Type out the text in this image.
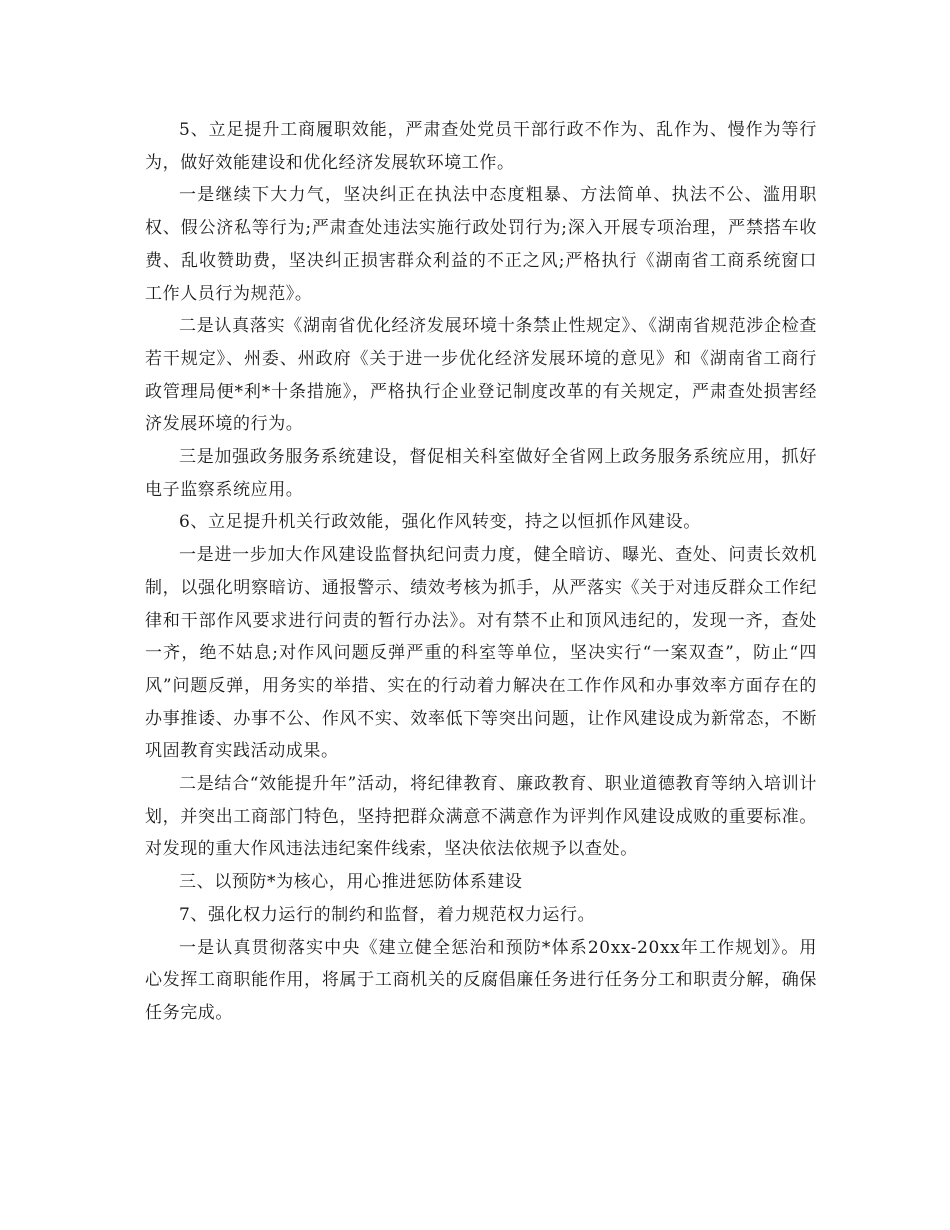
5、立足提升工商履职效能，严肃查处党员干部行政不作为、乱作为、慢作为等行为，做好效能建设和优化经济发展软环境工作。

一是继续下大力气，坚决纠正在执法中态度粗暴、方法简单、执法不公、滥用职权、假公济私等行为;严肃查处违法实施行政处罚行为;深入开展专项治理，严禁搭车收费、乱收赞助费，坚决纠正损害群众利益的不正之风;严格执行《湖南省工商系统窗口工作人员行为规范》。

二是认真落实《湖南省优化经济发展环境十条禁止性规定》、《湖南省规范涉企检查若干规定》、州委、州政府《关于进一步优化经济发展环境的意见》和《湖南省工商行政管理局便*利*十条措施》，严格执行企业登记制度改革的有关规定，严肃查处损害经济发展环境的行为。

三是加强政务服务系统建设，督促相关科室做好全省网上政务服务系统应用，抓好电子监察系统应用。

6、立足提升机关行政效能，强化作风转变，持之以恒抓作风建设。

一是进一步加大作风建设监督执纪问责力度，健全暗访、曝光、查处、问责长效机制，以强化明察暗访、通报警示、绩效考核为抓手，从严落实《关于对违反群众工作纪律和干部作风要求进行问责的暂行办法》。对有禁不止和顶风违纪的，发现一齐，查处一齐，绝不姑息;对作风问题反弹严重的科室等单位，坚决实行“一案双查”，防止“四风”问题反弹，用务实的举措、实在的行动着力解决在工作作风和办事效率方面存在的办事推诿、办事不公、作风不实、效率低下等突出问题，让作风建设成为新常态，不断巩固教育实践活动成果。

二是结合“效能提升年”活动，将纪律教育、廉政教育、职业道德教育等纳入培训计划，并突出工商部门特色，坚持把群众满意不满意作为评判作风建设成败的重要标准。对发现的重大作风违法违纪案件线索，坚决依法依规予以查处。

三、以预防*为核心，用心推进惩防体系建设

7、强化权力运行的制约和监督，着力规范权力运行。

一是认真贯彻落实中央《建立健全惩治和预防*体系20xx-20xx年工作规划》。用心发挥工商职能作用，将属于工商机关的反腐倡廉任务进行任务分工和职责分解，确保任务完成。
